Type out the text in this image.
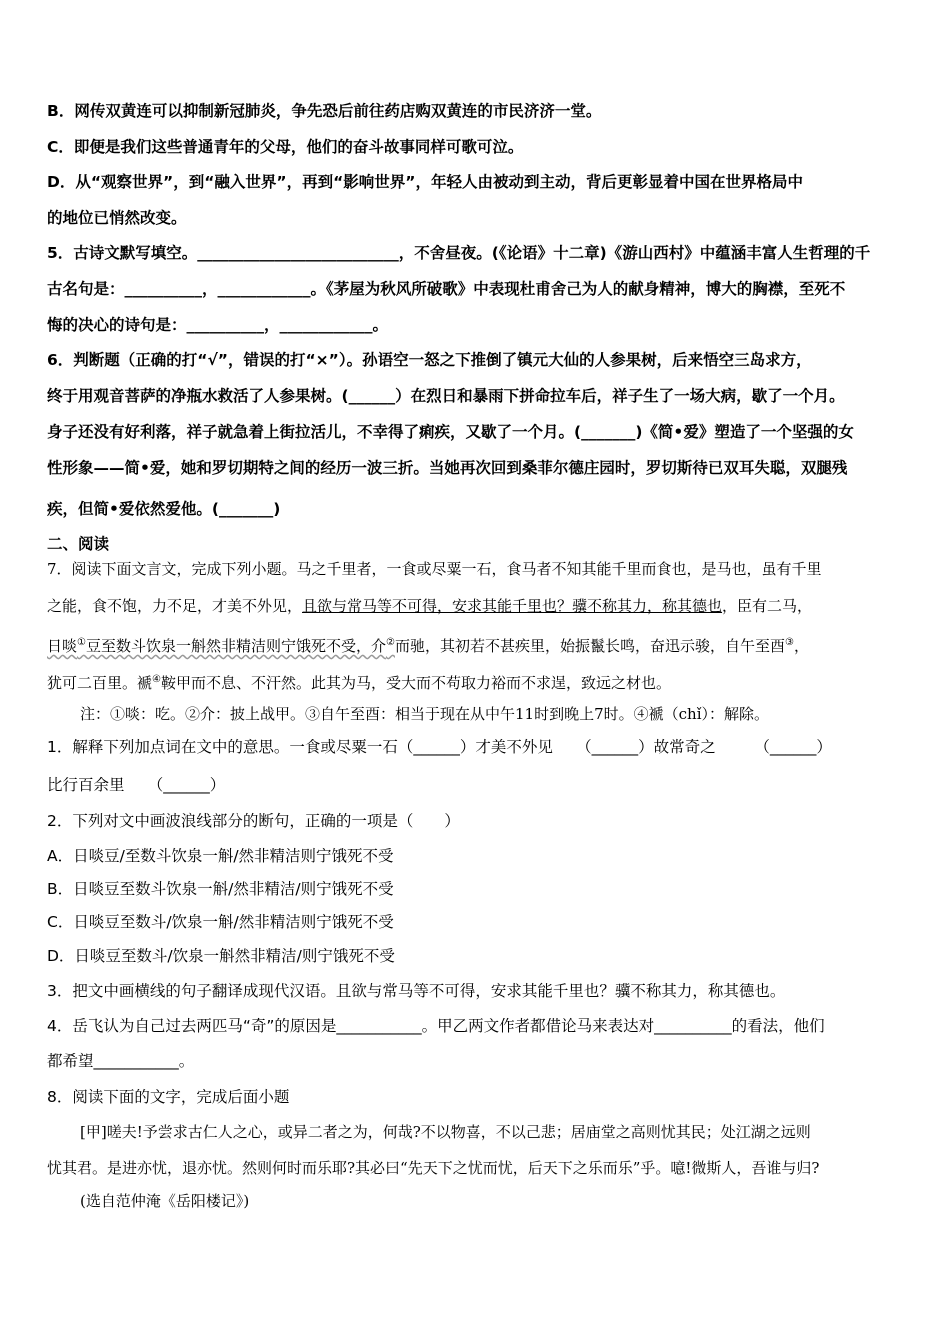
B．网传双黄连可以抑制新冠肺炎，争先恐后前往药店购双黄连的市民济济一堂。
C．即便是我们这些普通青年的父母，他们的奋斗故事同样可歌可泣。
D．从“观察世界”，到“融入世界”，再到“影响世界”，年轻人由被动到主动，背后更彰显着中国在世界格局中
的地位已悄然改变。
5．古诗文默写填空。__________________________，不舍昼夜。(《论语》十二章)《游山西村》中蕴涵丰富人生哲理的千
古名句是：__________，____________。《茅屋为秋风所破歌》中表现杜甫舍己为人的献身精神，博大的胸襟，至死不
悔的决心的诗句是：__________，____________。
6．判断题（正确的打“√”，错误的打“×”）。孙语空一怒之下推倒了镇元大仙的人参果树，后来悟空三岛求方，
终于用观音菩萨的净瓶水救活了人参果树。(______）在烈日和暴雨下拼命拉车后，祥子生了一场大病，歇了一个月。
身子还没有好利落，祥子就急着上街拉活儿，不幸得了痢疾，又歇了一个月。(_______)《简•爱》塑造了一个坚强的女
性形象——简•爱，她和罗切期特之间的经历一波三折。当她再次回到桑菲尔德庄园时，罗切斯待已双耳失聪，双腿残
疾，但简•爱依然爱他。(_______)
二、阅读
7．阅读下面文言文，完成下列小题。马之千里者，一食或尽粟一石，食马者不知其能千里而食也，是马也，虽有千里
之能，食不饱，力不足，才美不外见，且欲与常马等不可得，安求其能千里也？骥不称其力，称其德也，臣有二马，
日啖①豆至数斗饮泉一斛然非精洁则宁饿死不受，介②而驰，其初若不甚疾里，始振鬣长鸣，奋迅示骏，自午至酉③，
犹可二百里。褫④鞍甲而不息、不汗然。此其为马，受大而不苟取力裕而不求逞，致远之材也。
注：①啖：吃。②介：披上战甲。③自午至酉：相当于现在从中午11时到晚上7时。④褫（chǐ）：解除。
1．解释下列加点词在文中的意思。一食或尽粟一石（______）才美不外见　　（______）故常奇之　　　（______）
比行百余里　　（______）
2．下列对文中画波浪线部分的断句，正确的一项是（　　）
A．日啖豆/至数斗饮泉一斛/然非精洁则宁饿死不受
B．日啖豆至数斗饮泉一斛/然非精洁/则宁饿死不受
C．日啖豆至数斗/饮泉一斛/然非精洁则宁饿死不受
D．日啖豆至数斗/饮泉一斛然非精洁/则宁饿死不受
3．把文中画横线的句子翻译成现代汉语。且欲与常马等不可得，安求其能千里也？骥不称其力，称其德也。
4．岳飞认为自己过去两匹马“奇”的原因是___________。甲乙两文作者都借论马来表达对__________的看法，他们
都希望___________。
8．阅读下面的文字，完成后面小题
[甲]嗟夫!予尝求古仁人之心，或异二者之为，何哉?不以物喜，不以己悲；居庙堂之高则忧其民；处江湖之远则
忧其君。是进亦忧，退亦忧。然则何时而乐耶?其必曰“先天下之忧而忧，后天下之乐而乐”乎。噫!微斯人，吾谁与归?
(选自范仲淹《岳阳楼记》)
